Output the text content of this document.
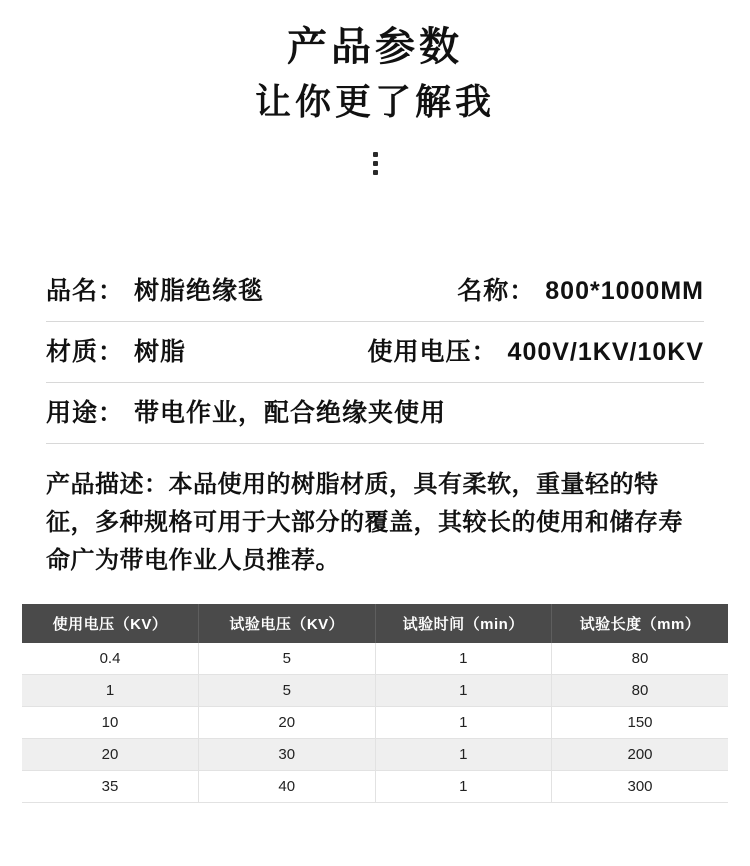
产品参数
让你更了解我
品名： 树脂绝缘毯	名称： 800*1000MM
材质： 树脂	使用电压： 400V/1KV/10KV
用途： 带电作业，配合绝缘夹使用
产品描述：本品使用的树脂材质，具有柔软，重量轻的特征，多种规格可用于大部分的覆盖，其较长的使用和储存寿命广为带电作业人员推荐。
使用电压（KV）	试验电压（KV）	试验时间（min）	试验长度（mm）
0.4	5	1	80
1	5	1	80
10	20	1	150
20	30	1	200
35	40	1	300
